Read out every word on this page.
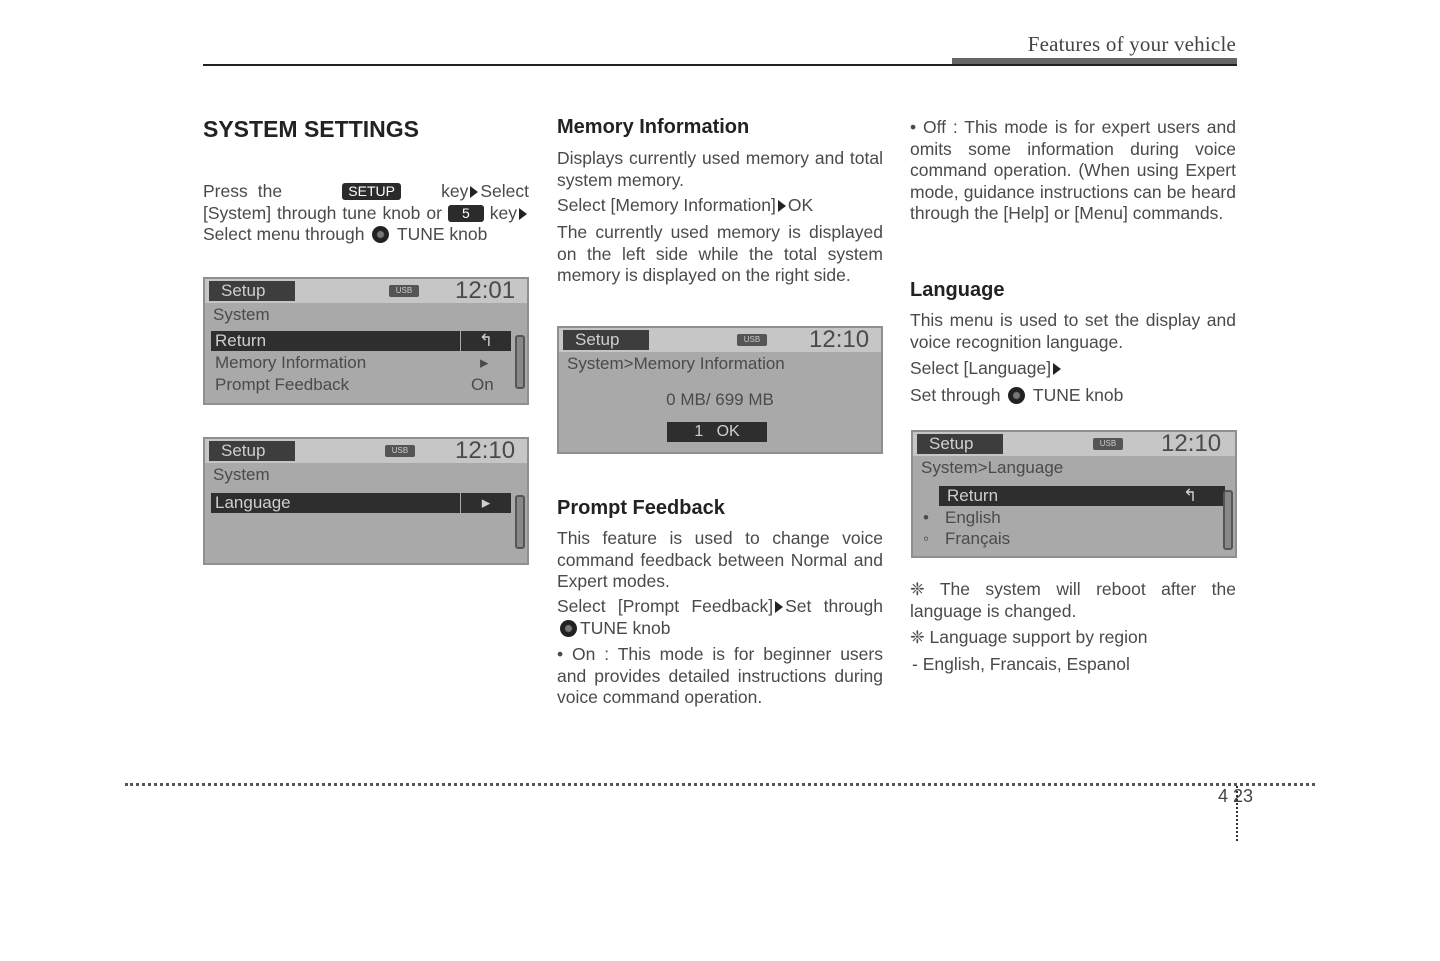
Features of your vehicle
SYSTEM SETTINGS

Press the	SETUP	key Select [System] through tune knob or 5 keySelect menu through TUNE knob

Setup	USB 12:01
System
Return	↰
Memory Information	▸
Prompt Feedback	On
Setup	USB 12:10
System
Language	▸
Memory Information

Displays currently used memory and total system memory.

Select [Memory Information] OK

The currently used memory is displayed on the left side while the total system memory is displayed on the right side.

Setup	USB 12:10
System>Memory Information
0 MB/ 699 MB
1 OK
Prompt Feedback

This feature is used to change voice command feedback between Normal and Expert modes.

Select [Prompt Feedback] Set through TUNE knob

• On : This mode is for beginner users and provides detailed instructions during voice command operation.

• Off : This mode is for expert users and omits some information during voice command operation. (When using Expert mode, guidance instructions can be heard through the [Help] or [Menu] commands.

Language

This menu is used to set the display and voice recognition language.

Select [Language]

Set through TUNE knob

Setup	USB 12:10
System>Language
Return	↰
• English
◦ Français

❈ The system will reboot after the language is changed.

❈ Language support by region

- English, Francais, Espanol

4 23
